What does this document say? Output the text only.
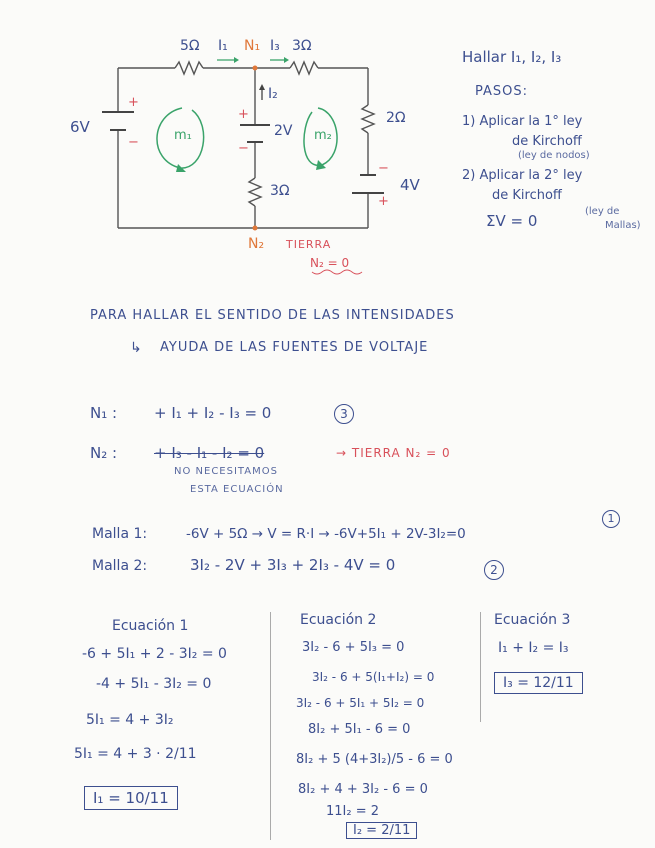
+
−
+
−
−
+
5Ω I₁ N₁ I₃ 3Ω
6V
I₂
2V
2Ω
3Ω	4V
m₁	m₂
N₂ TIERRA
N₂ = 0
Hallar I₁, I₂, I₃
PASOS:
1) Aplicar la 1° ley
de Kirchoff
(ley de nodos)
2) Aplicar la 2° ley
de Kirchoff
ΣV = 0
(ley de
Mallas)
PARA HALLAR EL SENTIDO DE LAS INTENSIDADES
↳ AYUDA DE LAS FUENTES DE VOLTAJE
N₁ : + I₁ + I₂ - I₃ = 0	3
N₂ : + I₃ - I₁ - I₂ = 0	→ TIERRA N₂ = 0
NO NECESITAMOS
ESTA ECUACIÓN
Malla 1:	-6V + 5Ω → V = R·I → -6V+5I₁ + 2V-3I₂=0
1
Malla 2:	3I₂ - 2V + 3I₃ + 2I₃ - 4V = 0	2
Ecuación 1
-6 + 5I₁ + 2 - 3I₂ = 0
-4 + 5I₁ - 3I₂ = 0
5I₁ = 4 + 3I₂
5I₁ = 4 + 3 · 2/11
I₁ = 10/11
Ecuación 2
3I₂ - 6 + 5I₃ = 0
3I₂ - 6 + 5(I₁+I₂) = 0
3I₂ - 6 + 5I₁ + 5I₂ = 0
8I₂ + 5I₁ - 6 = 0
8I₂ + 5 (4+3I₂)/5 - 6 = 0
8I₂ + 4 + 3I₂ - 6 = 0
11I₂ = 2
I₂ = 2/11
Ecuación 3
I₁ + I₂ = I₃
I₃ = 12/11
